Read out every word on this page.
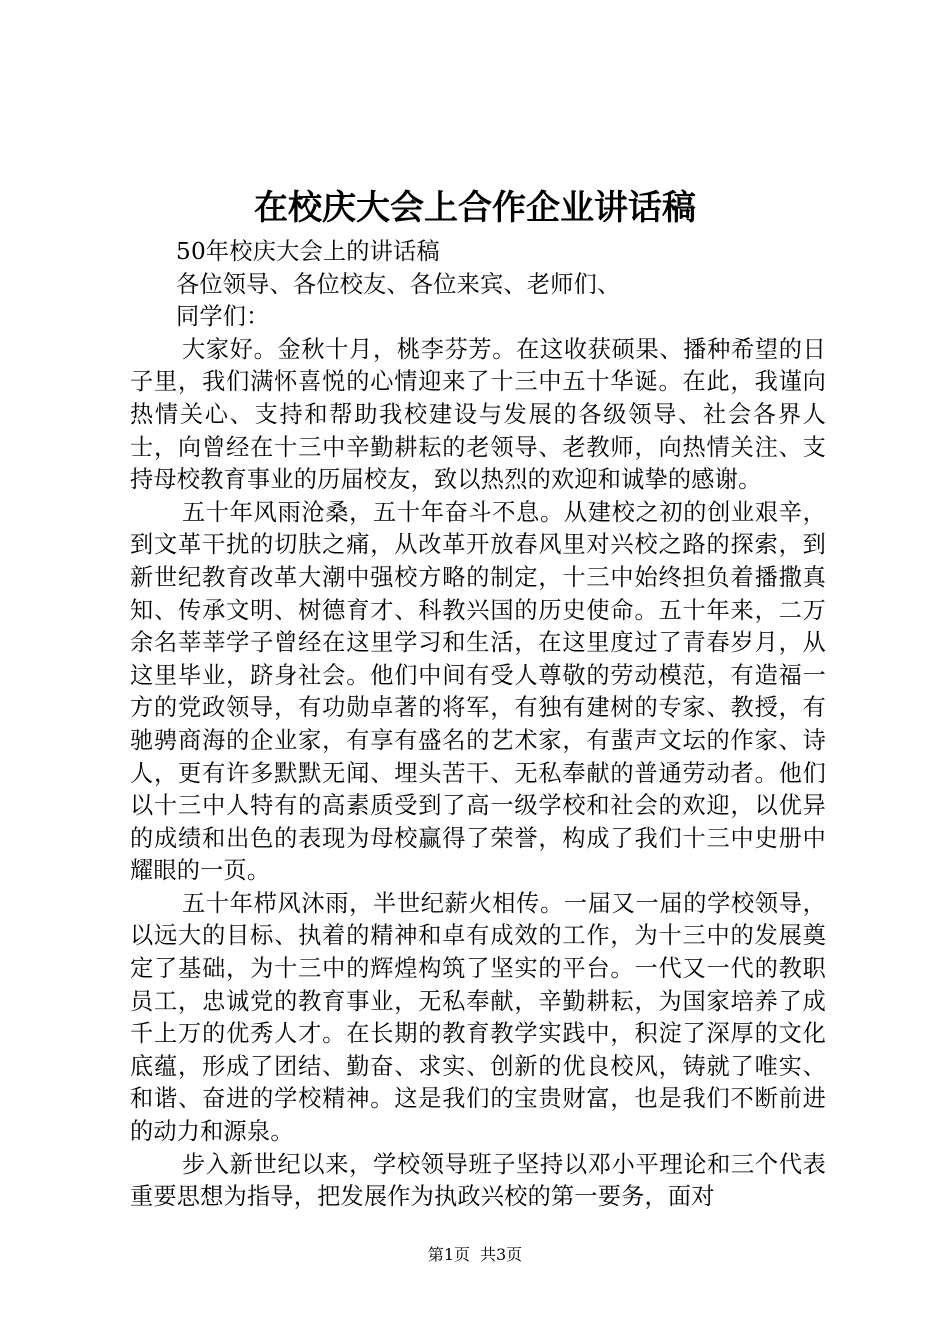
在校庆大会上合作企业讲话稿

50年校庆大会上的讲话稿

各位领导、各位校友、各位来宾、老师们、

同学们：

大家好。金秋十月，桃李芬芳。在这收获硕果、播种希望的日子里，我们满怀喜悦的心情迎来了十三中五十华诞。在此，我谨向热情关心、支持和帮助我校建设与发展的各级领导、社会各界人士，向曾经在十三中辛勤耕耘的老领导、老教师，向热情关注、支持母校教育事业的历届校友，致以热烈的欢迎和诚挚的感谢。

五十年风雨沧桑，五十年奋斗不息。从建校之初的创业艰辛，到文革干扰的切肤之痛，从改革开放春风里对兴校之路的探索，到新世纪教育改革大潮中强校方略的制定，十三中始终担负着播撒真知、传承文明、树德育才、科教兴国的历史使命。五十年来，二万余名莘莘学子曾经在这里学习和生活，在这里度过了青春岁月，从这里毕业，跻身社会。他们中间有受人尊敬的劳动模范，有造福一方的党政领导，有功勋卓著的将军，有独有建树的专家、教授，有驰骋商海的企业家，有享有盛名的艺术家，有蜚声文坛的作家、诗人，更有许多默默无闻、埋头苦干、无私奉献的普通劳动者。他们以十三中人特有的高素质受到了高一级学校和社会的欢迎，以优异的成绩和出色的表现为母校赢得了荣誉，构成了我们十三中史册中耀眼的一页。

五十年栉风沐雨，半世纪薪火相传。一届又一届的学校领导，以远大的目标、执着的精神和卓有成效的工作，为十三中的发展奠定了基础，为十三中的辉煌构筑了坚实的平台。一代又一代的教职员工，忠诚党的教育事业，无私奉献，辛勤耕耘，为国家培养了成千上万的优秀人才。在长期的教育教学实践中，积淀了深厚的文化底蕴，形成了团结、勤奋、求实、创新的优良校风，铸就了唯实、和谐、奋进的学校精神。这是我们的宝贵财富，也是我们不断前进的动力和源泉。

步入新世纪以来，学校领导班子坚持以邓小平理论和三个代表重要思想为指导，把发展作为执政兴校的第一要务，面对

第1页 共3页
